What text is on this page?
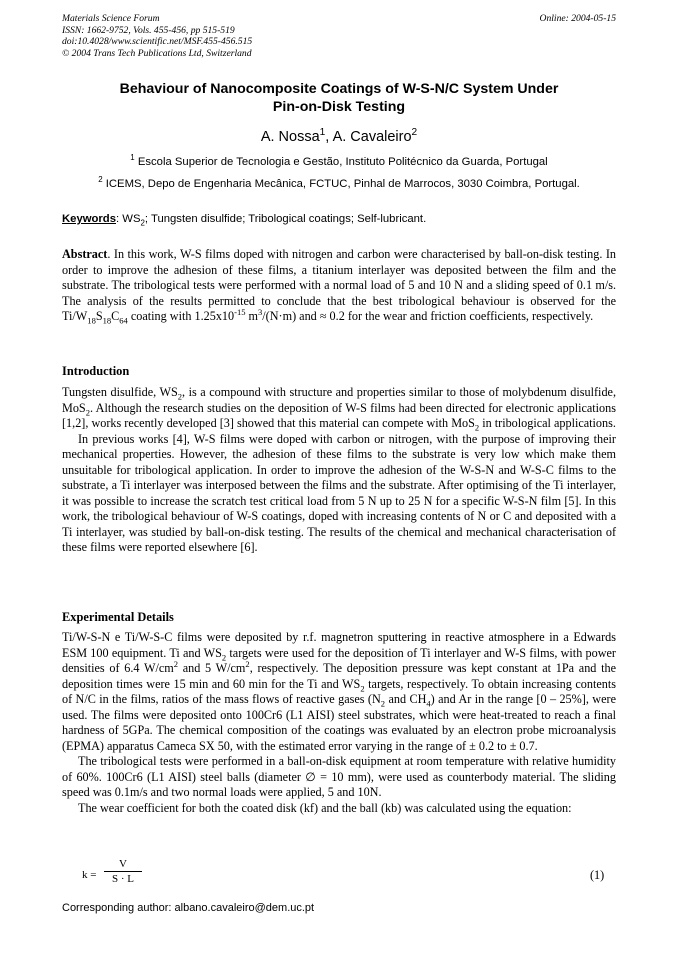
Materials Science Forum
ISSN: 1662-9752, Vols. 455-456, pp 515-519
doi:10.4028/www.scientific.net/MSF.455-456.515
© 2004 Trans Tech Publications Ltd, Switzerland
Online: 2004-05-15
Behaviour of Nanocomposite Coatings of W-S-N/C System Under
Pin-on-Disk Testing
A. Nossa$^1$, A. Cavaleiro$^2$
$^1$ Escola Superior de Tecnologia e Gestão, Instituto Politécnico da Guarda, Portugal
$^2$ ICEMS, Depo de Engenharia Mecânica, FCTUC, Pinhal de Marrocos, 3030 Coimbra, Portugal.
Keywords: $WS_2$; Tungsten disulfide; Tribological coatings; Self-lubricant.
Abstract. In this work, W-S films doped with nitrogen and carbon were characterised by ball-on-disk testing. In order to improve the adhesion of these films, a titanium interlayer was deposited between the film and the substrate. The tribological tests were performed with a normal load of 5 and 10 N and a sliding speed of 0.1 m/s. The analysis of the results permitted to conclude that the best tribological behaviour is observed for the $Ti/W_{18}S_{18}C_{64}$ coating with $1.25x10^{-15}$ $m^3/(N\cdot m)$ and ≈ 0.2 for the wear and friction coefficients, respectively.
Introduction

Tungsten disulfide, $WS_2$, is a compound with structure and properties similar to those of molybdenum disulfide, MoS$_2$. Although the research studies on the deposition of W-S films had been directed for electronic applications [1,2], works recently developed [3] showed that this material can compete with MoS$_2$ in tribological applications.

In previous works [4], W-S films were doped with carbon or nitrogen, with the purpose of improving their mechanical properties. However, the adhesion of these films to the substrate is very low which make them unsuitable for tribological application. In order to improve the adhesion of the W-S-N and W-S-C films to the substrate, a Ti interlayer was interposed between the films and the substrate. After optimising of the Ti interlayer, it was possible to increase the scratch test critical load from 5 N up to 25 N for a specific W-S-N film [5]. In this work, the tribological behaviour of W-S coatings, doped with increasing contents of N or C and deposited with a Ti interlayer, was studied by ball-on-disk testing. The results of the chemical and mechanical characterisation of these films were reported elsewhere [6].

Experimental Details

Ti/W-S-N e Ti/W-S-C films were deposited by r.f. magnetron sputtering in reactive atmosphere in a Edwards ESM 100 equipment. Ti and $WS_2$ targets were used for the deposition of Ti interlayer and W-S films, with power densities of 6.4 $W/cm^2$ and 5 $W/cm^2$, respectively. The deposition pressure was kept constant at 1Pa and the deposition times were 15 min and 60 min for the Ti and $WS_2$ targets, respectively. To obtain increasing contents of N/C in the films, ratios of the mass flows of reactive gases ($N_2$ and $CH_4$) and Ar in the range [0 – 25%], were used. The films were deposited onto 100Cr6 (L1 AISI) steel substrates, which were heat-treated to reach a final hardness of 5GPa. The chemical composition of the coatings was evaluated by an electron probe microanalysis (EPMA) apparatus Cameca SX 50, with the estimated error varying in the range of ± 0.2 to ± 0.7.

The tribological tests were performed in a ball-on-disk equipment at room temperature with relative humidity of 60%. 100Cr6 (L1 AISI) steel balls (diameter ∅ = 10 mm), were used as counterbody material. The sliding speed was 0.1m/s and two normal loads were applied, 5 and 10N.

The wear coefficient for both the coated disk (kf) and the ball (kb) was calculated using the equation:

k =
V
S · L	(1)
Corresponding author: albano.cavaleiro@dem.uc.pt
